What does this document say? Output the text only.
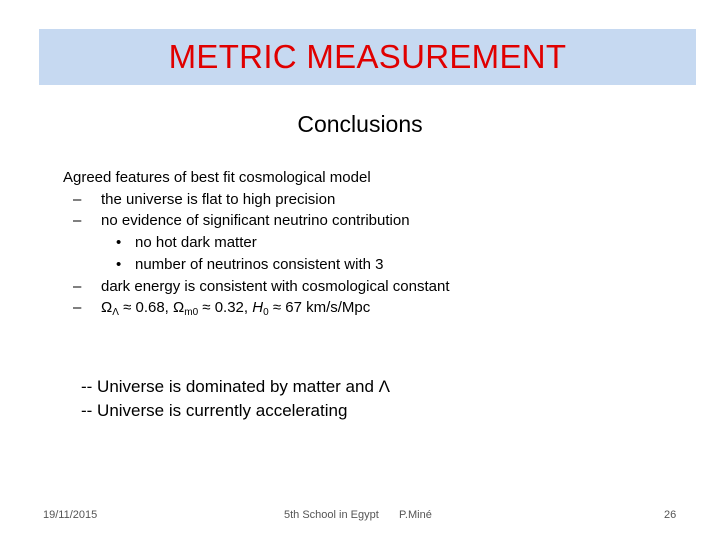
METRIC MEASUREMENT
Conclusions
Agreed features of best fit cosmological model
–	the universe is flat to high precision
–	no evidence of significant neutrino contribution
• no hot dark matter
• number of neutrinos consistent with 3
–	dark energy is consistent with cosmological constant
–	$\Omega_\Lambda \approx 0.68$, $\Omega_{m0} \approx 0.32$, $H_0 \approx 67$ km/s/Mpc
-- Universe is dominated by matter and Λ
-- Universe is currently accelerating
19/11/2015	5th School in Egypt P.Miné	26
